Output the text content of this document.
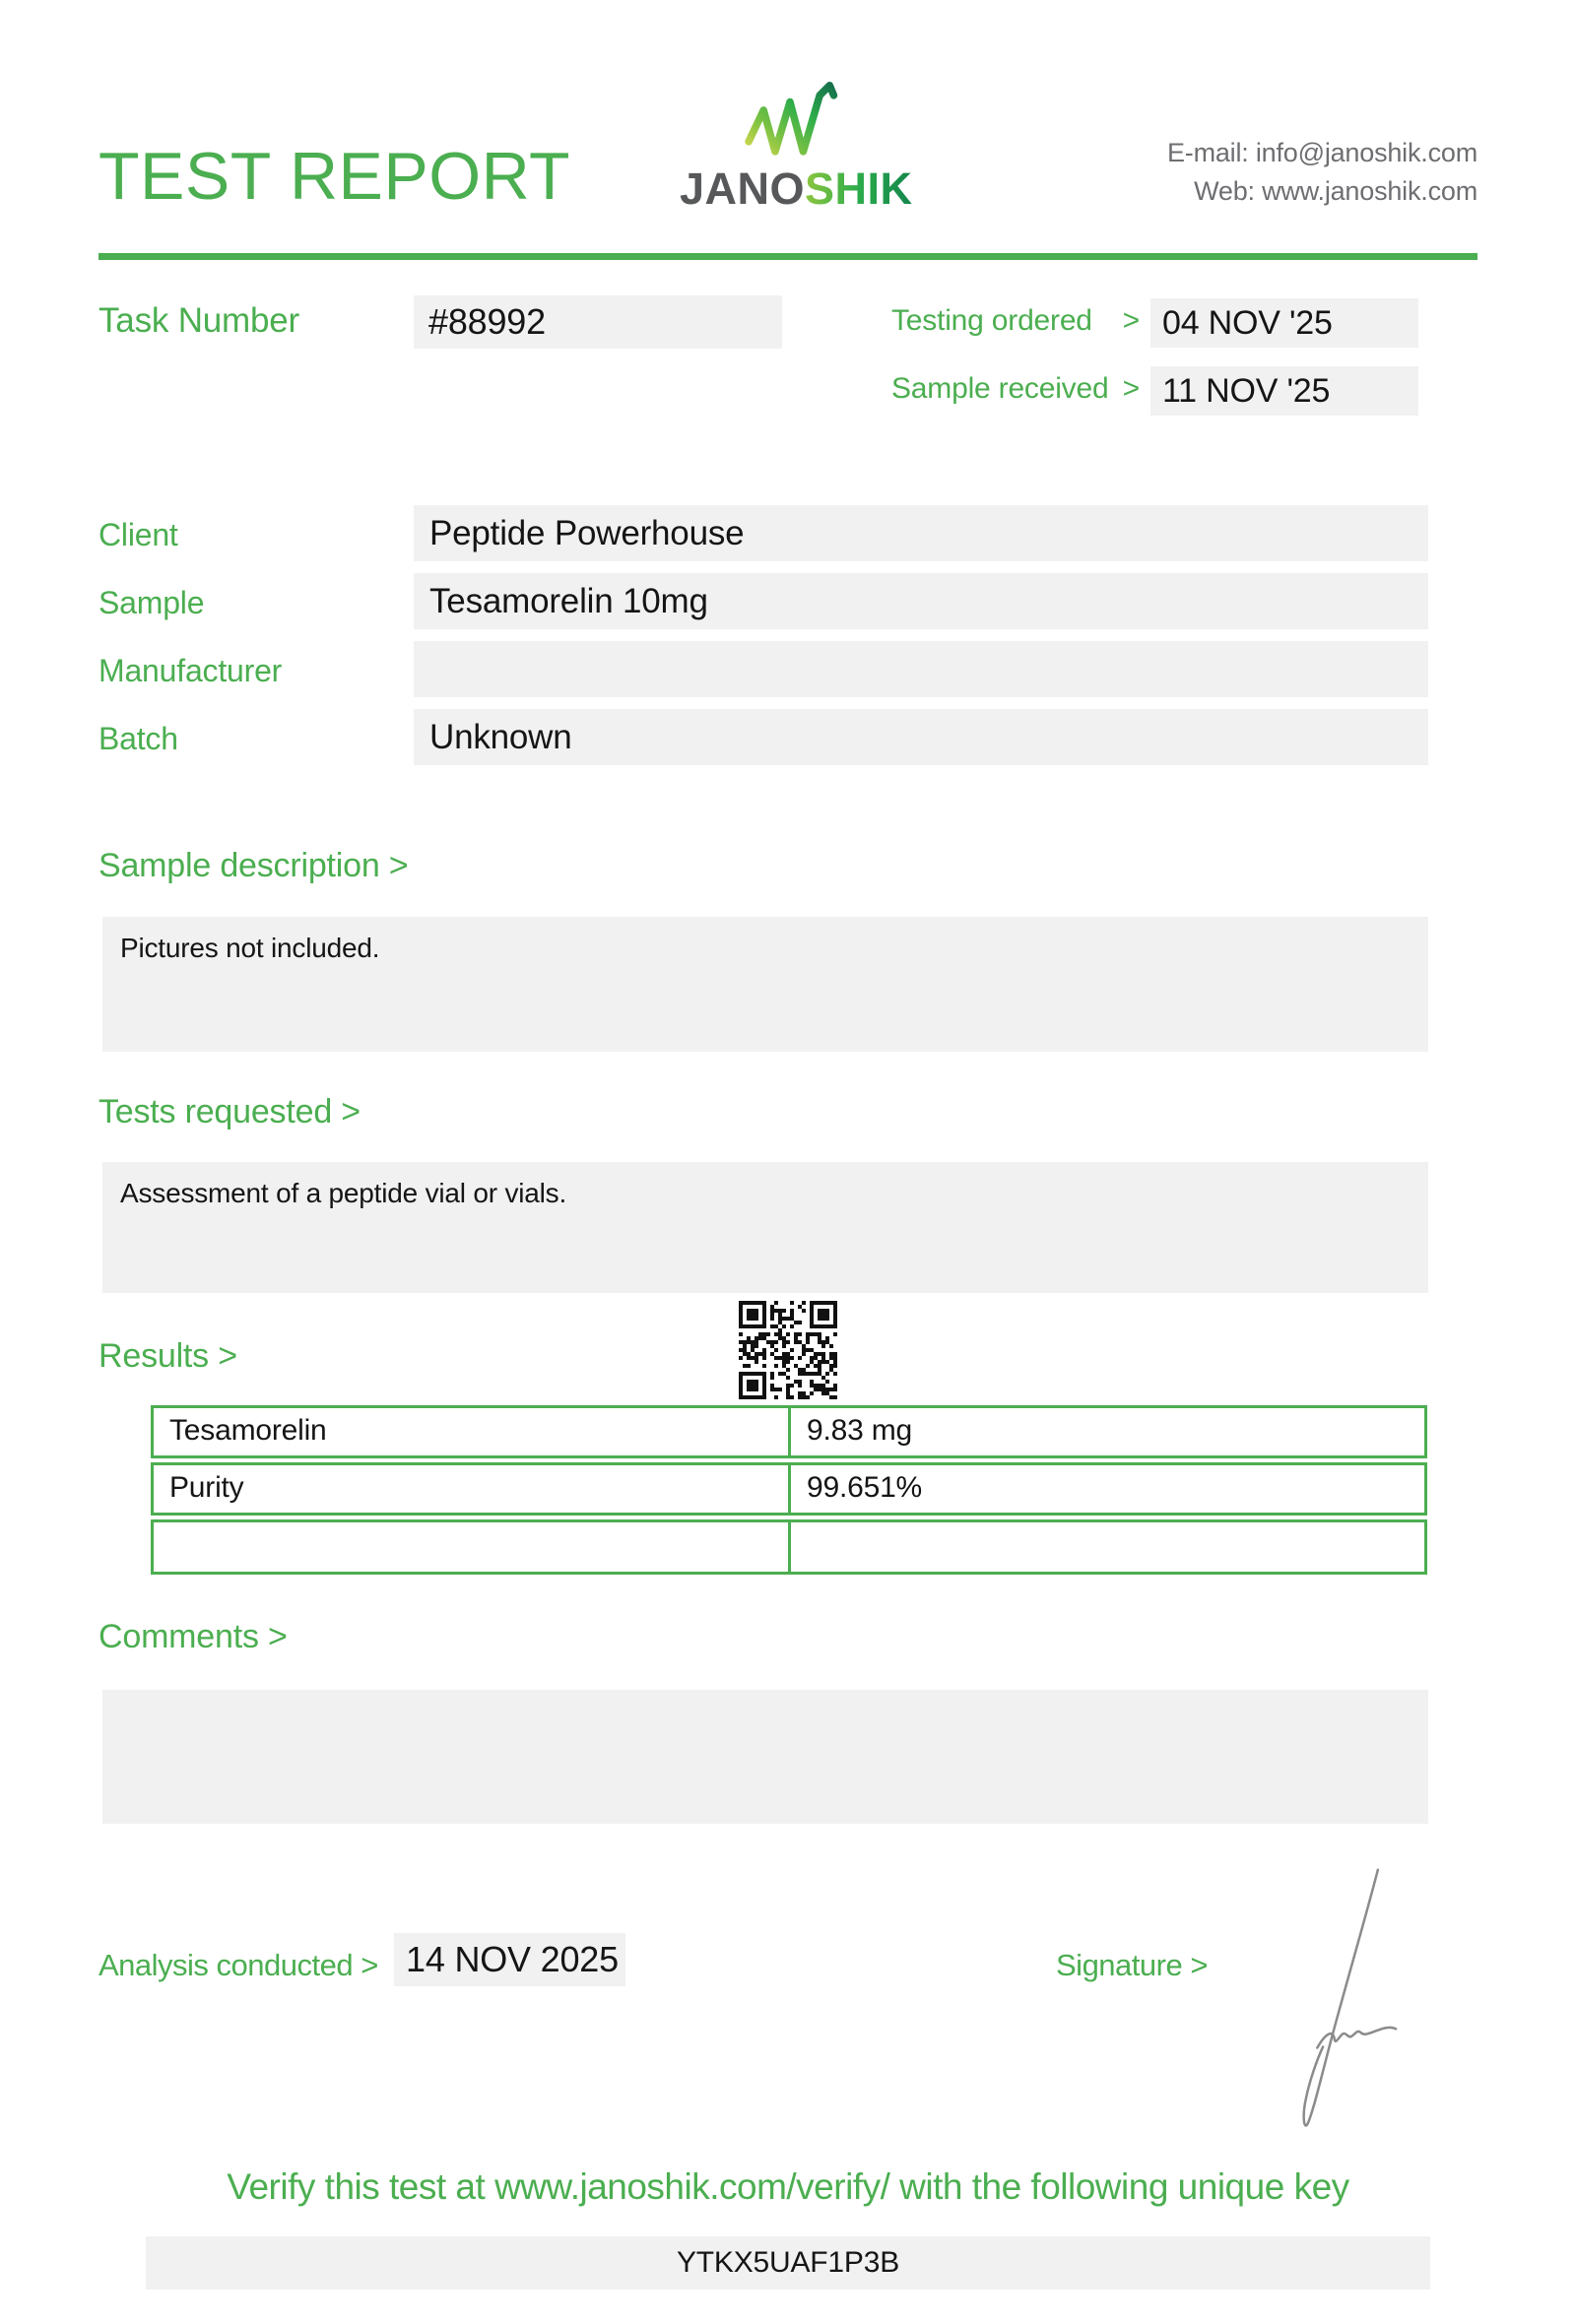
TEST REPORT JANOSHIK
E-mail: info@janoshik.com
Web: www.janoshik.com
Task Number	#88992	Testing ordered > 04 NOV '25
Sample received > 11 NOV '25
Client	Peptide Powerhouse
Sample	Tesamorelin 10mg
Manufacturer
Batch	Unknown
Sample description >
Pictures not included.
Tests requested >
Assessment of a peptide vial or vials.
Results >
Tesamorelin	9.83 mg
Purity	99.651%
Comments >
Analysis conducted > 14 NOV 2025	Signature >
Verify this test at www.janoshik.com/verify/ with the following unique key
YTKX5UAF1P3B
